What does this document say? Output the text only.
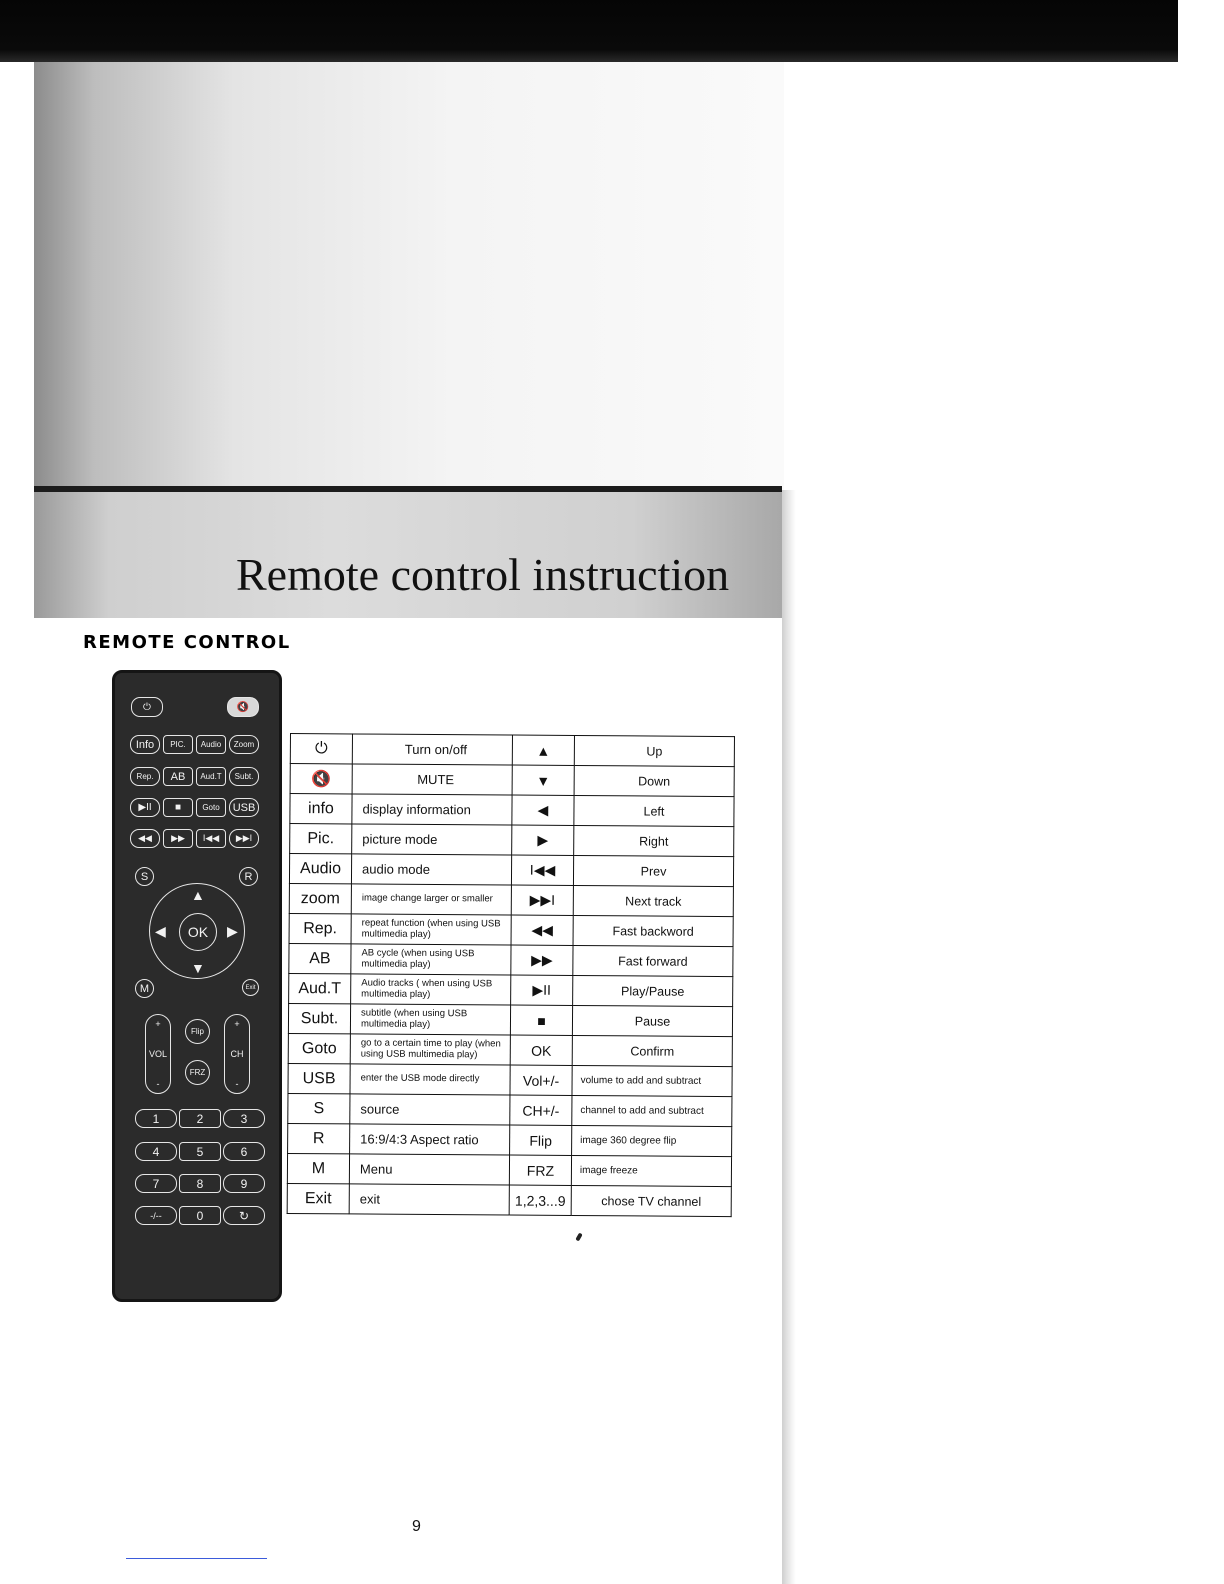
Remote control instruction
REMOTE CONTROL
⏻	🔇
Info	PIC.	Audio	Zoom
Rep.	AB	Aud.T	Subt.
▶II	■	Goto	USB
◀◀	▶▶	I◀◀	▶▶I
S	R
▲
▼
◀	▶
OK
M	Exit
+
VOL
-
Flip
FRZ
+
CH
-
1	2	3
4	5	6
7	8	9
-/--	0	↻
⏻	Turn on/off	▲	Up
🔇	MUTE	▼	Down
info	display information	◀	Left
Pic.	picture mode	▶	Right
Audio	audio mode	I◀◀	Prev
zoom	image change larger or smaller	▶▶I	Next track
Rep.	repeat function (when using USB multimedia play)	◀◀	Fast backword
AB	AB cycle (when using USB multimedia play)	▶▶	Fast forward
Aud.T	Audio tracks ( when using USB multimedia play)	▶II	Play/Pause
Subt.	subtitle (when using USB multimedia play)	■	Pause
Goto	go to a certain time to play (when using USB multimedia play)	OK	Confirm
USB	enter the USB mode directly	Vol+/-	volume to add and subtract
S	source	CH+/-	channel to add and subtract
R	16:9/4:3 Aspect ratio	Flip	image 360 degree flip
M	Menu	FRZ	image freeze
Exit	exit	1,2,3...9	chose TV channel

9
